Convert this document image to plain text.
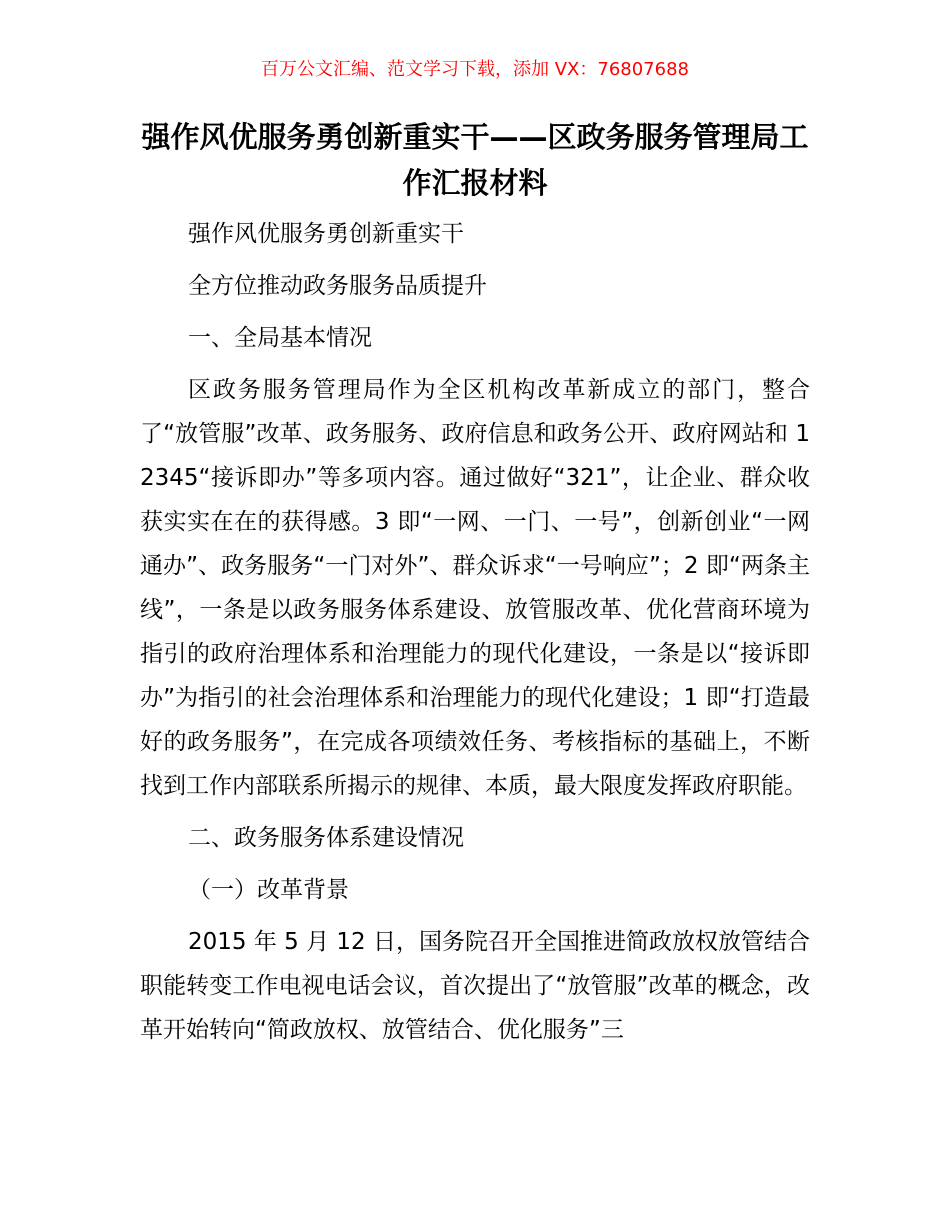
百万公文汇编、范文学习下载，添加 VX：76807688
强作风优服务勇创新重实干——区政务服务管理局工作汇报材料

强作风优服务勇创新重实干

全方位推动政务服务品质提升

一、全局基本情况

区政务服务管理局作为全区机构改革新成立的部门，整合了“放管服”改革、政务服务、政府信息和政务公开、政府网站和 12345“接诉即办”等多项内容。通过做好“321”，让企业、群众收获实实在在的获得感。3 即“一网、一门、一号”，创新创业“一网通办”、政务服务“一门对外”、群众诉求“一号响应”；2 即“两条主线”，一条是以政务服务体系建设、放管服改革、优化营商环境为指引的政府治理体系和治理能力的现代化建设，一条是以“接诉即办”为指引的社会治理体系和治理能力的现代化建设；1 即“打造最好的政务服务”，在完成各项绩效任务、考核指标的基础上，不断找到工作内部联系所揭示的规律、本质，最大限度发挥政府职能。

二、政务服务体系建设情况

（一）改革背景

2015 年 5 月 12 日，国务院召开全国推进简政放权放管结合职能转变工作电视电话会议，首次提出了“放管服”改革的概念，改革开始转向“简政放权、放管结合、优化服务”三
